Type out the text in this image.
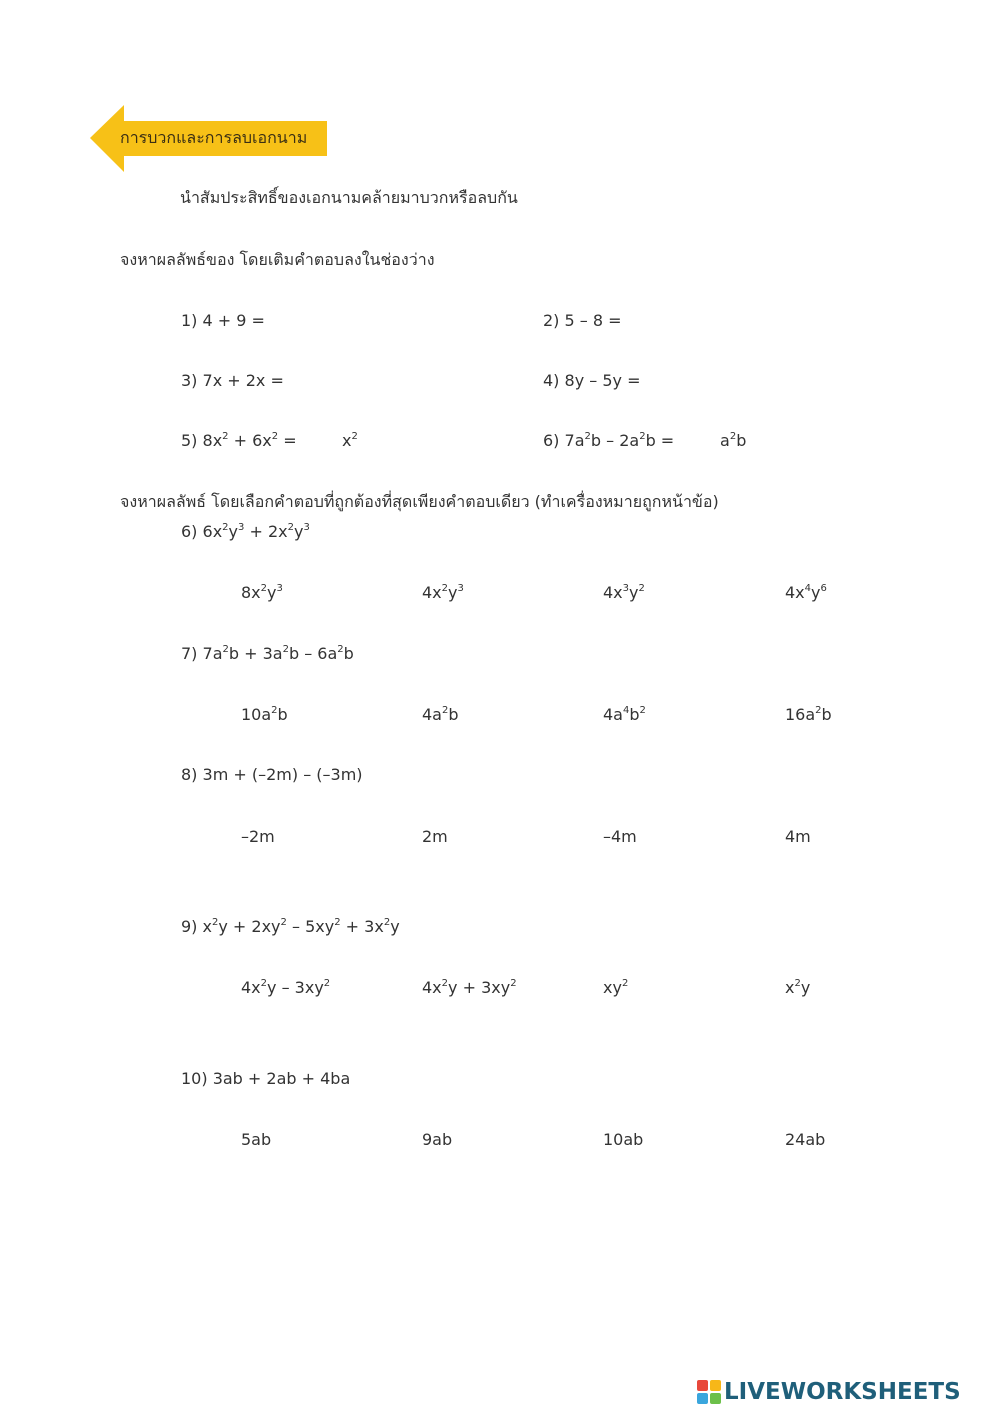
การบวกและการลบเอกนาม
นำสัมประสิทธิ์ของเอกนามคล้ายมาบวกหรือลบกัน
จงหาผลลัพธ์ของ โดยเติมคำตอบลงในช่องว่าง
1) 4 + 9 =	2) 5 – 8 =
3) 7x + 2x =	4) 8y – 5y =
5) $8x^2 + 6x^2$ =	$x^2$	6) $7a^2b - 2a^2b$ =	$a^2b$
จงหาผลลัพธ์ โดยเลือกคำตอบที่ถูกต้องที่สุดเพียงคำตอบเดียว (ทำเครื่องหมายถูกหน้าข้อ)
6) $6x^2y^3 + 2x^2y^3$
$8x^2y^3$	$4x^2y^3$	$4x^3y^2$	$4x^4y^6$
7) $7a^2b + 3a^2b - 6a^2b$
$10a^2b$	$4a^2b$	$4a^4b^2$	$16a^2b$
8) 3m + (–2m) – (–3m)
–2m	2m	–4m	4m
9) $x^2y + 2xy^2 - 5xy^2 + 3x^2y$
$4x^2y - 3xy^2$	$4x^2y + 3xy^2$	$xy^2$	$x^2y$
10) 3ab + 2ab + 4ba
5ab	9ab	10ab	24ab
LIVEWORKSHEETS
